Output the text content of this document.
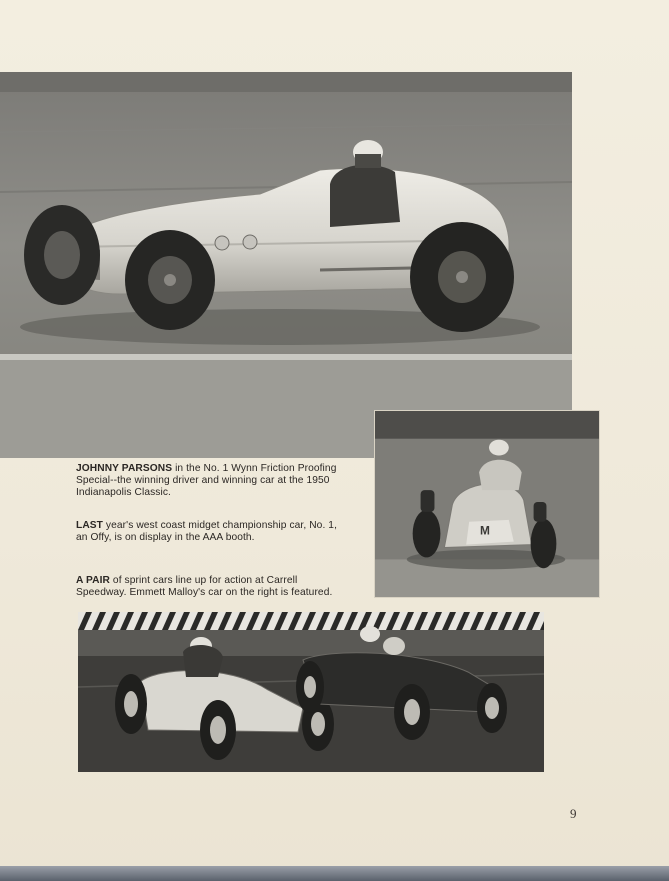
M
JOHNNY PARSONS in the No. 1 Wynn Friction Proofing Special--the winning driver and winning car at the 1950 Indianapolis Classic.
LAST year's west coast midget championship car, No. 1, an Offy, is on display in the AAA booth.
A PAIR of sprint cars line up for action at Carrell Speedway. Emmett Malloy's car on the right is featured.
9
